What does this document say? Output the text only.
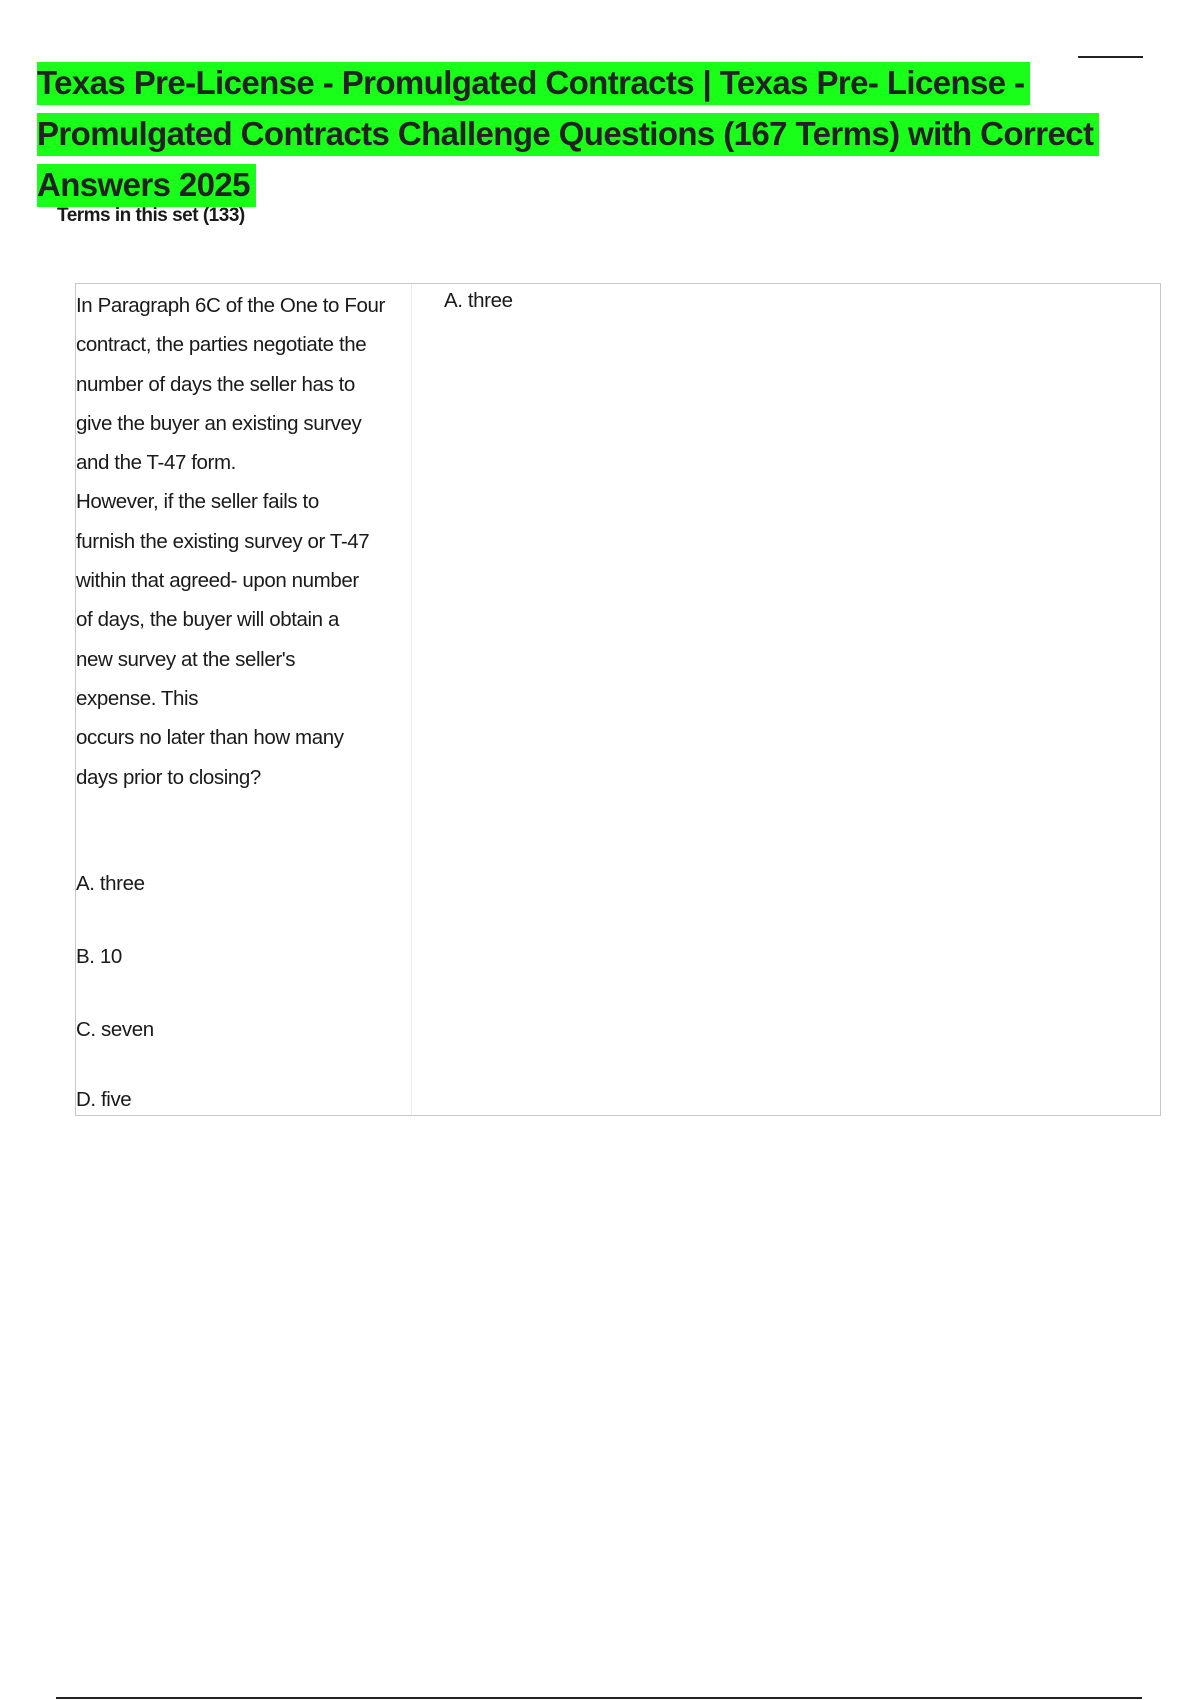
Texas Pre-License - Promulgated Contracts | Texas Pre- License - Promulgated Contracts Challenge Questions (167 Terms) with Correct Answers 2025
Terms in this set (133)

In Paragraph 6C of the One to Four
contract, the parties negotiate the
number of days the seller has to
give the buyer an existing survey
and the T-47 form.
However, if the seller fails to
furnish the existing survey or T-47
within that agreed- upon number
of days, the buyer will obtain a
new survey at the seller's
expense. This
occurs no later than how many
days prior to closing?

A. three
B. 10
C. seven
D. five
A. three
